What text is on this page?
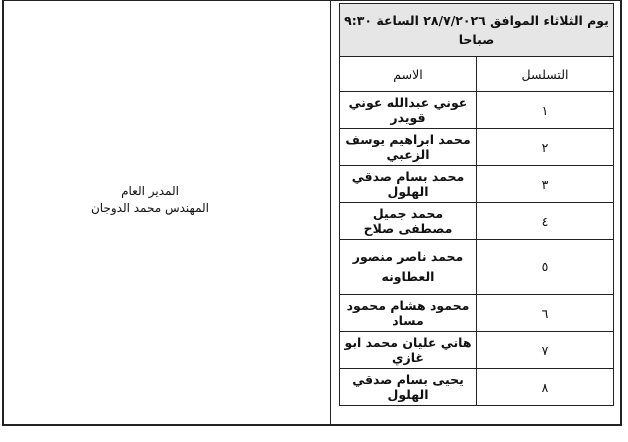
يوم الثلاثاء الموافق ٢٨/٧/٢٠٢٦ الساعة ٩:٣٠ صباحا	
التسلسل	الاسم
١	عوني عبدالله عوني قويدر
٢	محمد ابراهيم يوسف الزعبي
٣	محمد بسام صدقي الهلول
٤	محمد جميل مصطفى صلاح
٥	محمد ناصر منصور العطاونه
٦	محمود هشام محمود مساد
٧	هاني عليان محمد ابو غازي
٨	يحيى بسام صدقي الهلول
المدير العام
المهندس محمد الدوجان
